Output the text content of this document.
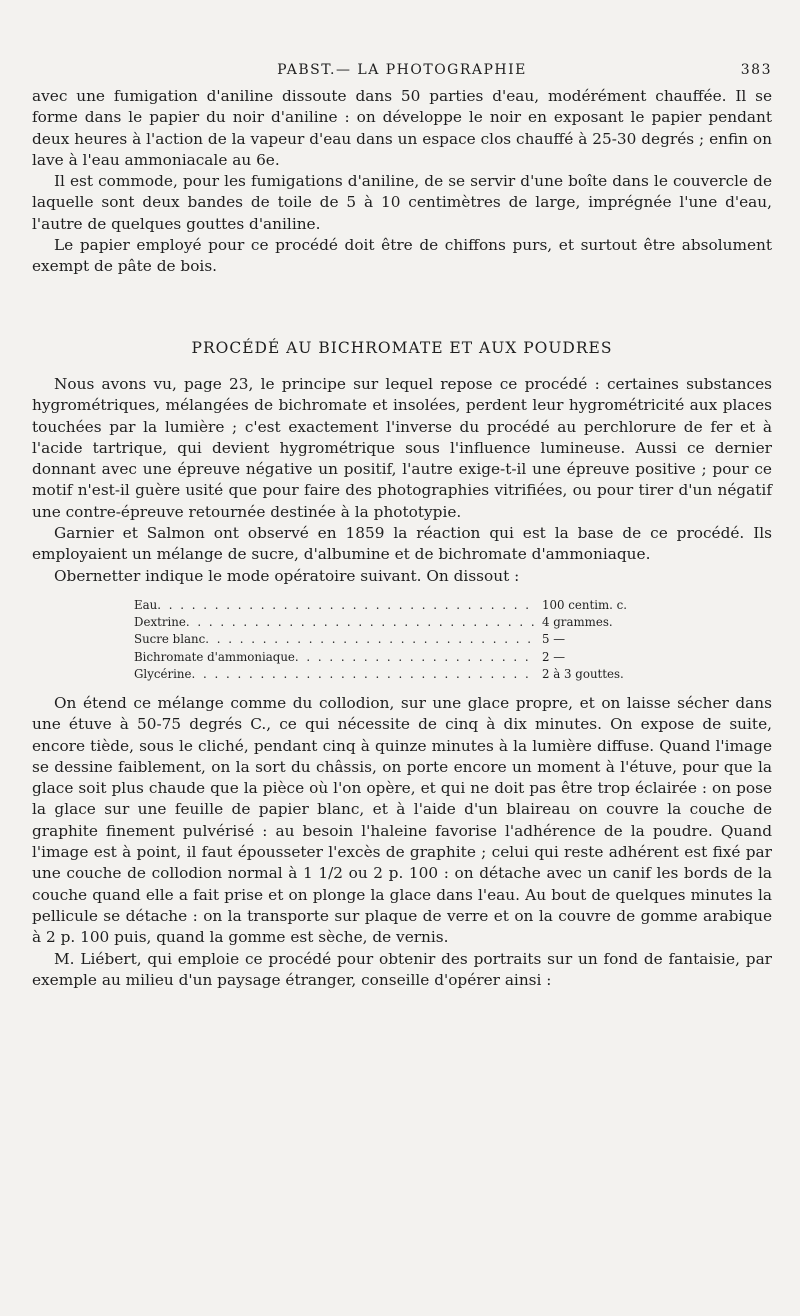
PABST.— LA PHOTOGRAPHIE	383

avec une fumigation d'aniline dissoute dans 50 parties d'eau, modérément chauffée. Il se forme dans le papier du noir d'aniline : on développe le noir en exposant le papier pendant deux heures à l'action de la vapeur d'eau dans un espace clos chauffé à 25-30 degrés ; enfin on lave à l'eau ammoniacale au 6e.

Il est commode, pour les fumigations d'aniline, de se servir d'une boîte dans le couvercle de laquelle sont deux bandes de toile de 5 à 10 centimètres de large, imprégnée l'une d'eau, l'autre de quelques gouttes d'aniline.

Le papier employé pour ce procédé doit être de chiffons purs, et surtout être absolument exempt de pâte de bois.

PROCÉDÉ AU BICHROMATE ET AUX POUDRES

Nous avons vu, page 23, le principe sur lequel repose ce procédé : certaines substances hygrométriques, mélangées de bichromate et insolées, perdent leur hygrométricité aux places touchées par la lumière ; c'est exactement l'inverse du procédé au perchlorure de fer et à l'acide tartrique, qui devient hygrométrique sous l'influence lumineuse. Aussi ce dernier donnant avec une épreuve négative un positif, l'autre exige-t-il une épreuve positive ; pour ce motif n'est-il guère usité que pour faire des photographies vitrifiées, ou pour tirer d'un négatif une contre-épreuve retournée destinée à la phototypie.

Garnier et Salmon ont observé en 1859 la réaction qui est la base de ce procédé. Ils employaient un mélange de sucre, d'albumine et de bichromate d'ammoniaque.

Obernetter indique le mode opératoire suivant. On dissout :

Eau . . .	100 centim. c.
Dextrine . . .	4 grammes.
Sucre blanc . . .	5 —
Bichromate d'ammoniaque . . .	2 —
Glycérine . . .	2 à 3 gouttes.

On étend ce mélange comme du collodion, sur une glace propre, et on laisse sécher dans une étuve à 50-75 degrés C., ce qui nécessite de cinq à dix minutes. On expose de suite, encore tiède, sous le cliché, pendant cinq à quinze minutes à la lumière diffuse. Quand l'image se dessine faiblement, on la sort du châssis, on porte encore un moment à l'étuve, pour que la glace soit plus chaude que la pièce où l'on opère, et qui ne doit pas être trop éclairée : on pose la glace sur une feuille de papier blanc, et à l'aide d'un blaireau on couvre la couche de graphite finement pulvérisé : au besoin l'haleine favorise l'adhérence de la poudre. Quand l'image est à point, il faut épousseter l'excès de graphite ; celui qui reste adhérent est fixé par une couche de collodion normal à 1 1/2 ou 2 p. 100 : on détache avec un canif les bords de la couche quand elle a fait prise et on plonge la glace dans l'eau. Au bout de quelques minutes la pellicule se détache : on la transporte sur plaque de verre et on la couvre de gomme arabique à 2 p. 100 puis, quand la gomme est sèche, de vernis.

M. Liébert, qui emploie ce procédé pour obtenir des portraits sur un fond de fantaisie, par exemple au milieu d'un paysage étranger, conseille d'opérer ainsi :
